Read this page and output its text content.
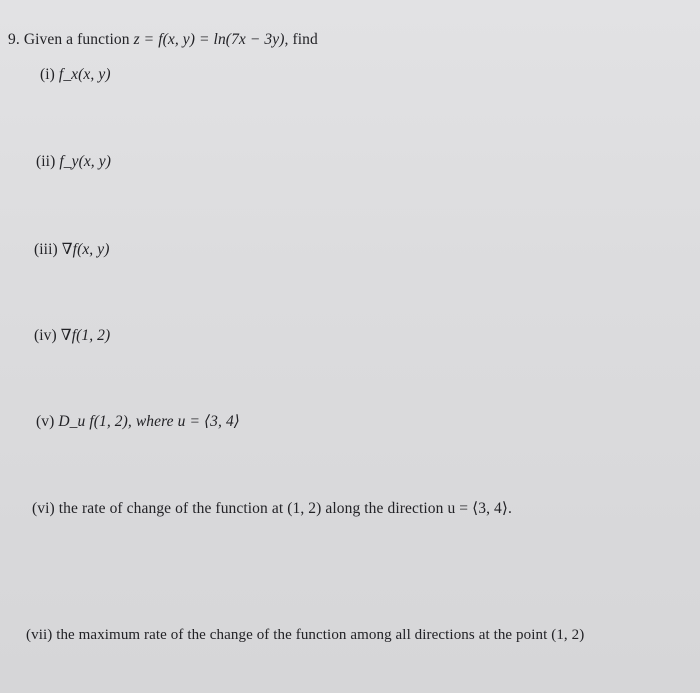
9. Given a function z = f(x, y) = ln(7x − 3y), find
(i) f_x(x, y)
(ii) f_y(x, y)
(iii) ∇f(x, y)
(iv) ∇f(1, 2)
(v) D_u f(1, 2), where u = ⟨3, 4⟩
(vi) the rate of change of the function at (1, 2) along the direction u = ⟨3, 4⟩.
(vii) the maximum rate of the change of the function among all directions at the point (1, 2)
